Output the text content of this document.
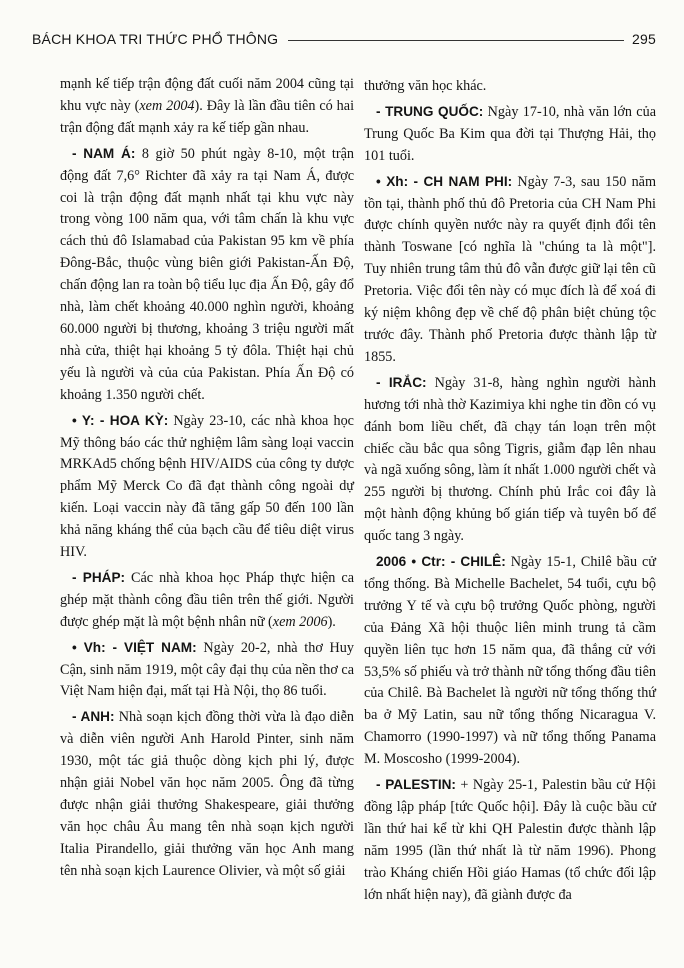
BÁCH KHOA TRI THỨC PHỔ THÔNG	295

mạnh kế tiếp trận động đất cuối năm 2004 cũng tại khu vực này (xem 2004). Đây là lần đầu tiên có hai trận động đất mạnh xảy ra kế tiếp gần nhau.

- NAM Á: 8 giờ 50 phút ngày 8-10, một trận động đất 7,6° Richter đã xảy ra tại Nam Á, được coi là trận động đất mạnh nhất tại khu vực này trong vòng 100 năm qua, với tâm chấn là khu vực cách thủ đô Islamabad của Pakistan 95 km về phía Đông-Bắc, thuộc vùng biên giới Pakistan-Ấn Độ, chấn động lan ra toàn bộ tiểu lục địa Ấn Độ, gây đổ nhà, làm chết khoảng 40.000 nghìn người, khoảng 60.000 người bị thương, khoảng 3 triệu người mất nhà cửa, thiệt hại khoảng 5 tỷ đôla. Thiệt hại chủ yếu là người và của của Pakistan. Phía Ấn Độ có khoảng 1.350 người chết.

• Y: - HOA KỲ: Ngày 23-10, các nhà khoa học Mỹ thông báo các thử nghiệm lâm sàng loại vaccin MRKAd5 chống bệnh HIV/AIDS của công ty dược phẩm Mỹ Merck Co đã đạt thành công ngoài dự kiến. Loại vaccin này đã tăng gấp 50 đến 100 lần khả năng kháng thể của bạch cầu để tiêu diệt virus HIV.

- PHÁP: Các nhà khoa học Pháp thực hiện ca ghép mặt thành công đầu tiên trên thế giới. Người được ghép mặt là một bệnh nhân nữ (xem 2006).

• Vh: - VIỆT NAM: Ngày 20-2, nhà thơ Huy Cận, sinh năm 1919, một cây đại thụ của nền thơ ca Việt Nam hiện đại, mất tại Hà Nội, thọ 86 tuổi.

- ANH: Nhà soạn kịch đồng thời vừa là đạo diễn và diễn viên người Anh Harold Pinter, sinh năm 1930, một tác giả thuộc dòng kịch phi lý, được nhận giải Nobel văn học năm 2005. Ông đã từng được nhận giải thưởng Shakespeare, giải thưởng văn học châu Âu mang tên nhà soạn kịch người Italia Pirandello, giải thưởng văn học Anh mang tên nhà soạn kịch Laurence Olivier, và một số giải

thưởng văn học khác.

- TRUNG QUỐC: Ngày 17-10, nhà văn lớn của Trung Quốc Ba Kim qua đời tại Thượng Hải, thọ 101 tuổi.

• Xh: - CH NAM PHI: Ngày 7-3, sau 150 năm tồn tại, thành phố thủ đô Pretoria của CH Nam Phi được chính quyền nước này ra quyết định đổi tên thành Toswane [có nghĩa là "chúng ta là một"]. Tuy nhiên trung tâm thủ đô vẫn được giữ lại tên cũ Pretoria. Việc đổi tên này có mục đích là để xoá đi ký niệm không đẹp về chế độ phân biệt chủng tộc trước đây. Thành phố Pretoria được thành lập từ 1855.

- IRẮC: Ngày 31-8, hàng nghìn người hành hương tới nhà thờ Kazimiya khi nghe tin đồn có vụ đánh bom liều chết, đã chạy tán loạn trên một chiếc cầu bắc qua sông Tigris, giẫm đạp lên nhau và ngã xuống sông, làm ít nhất 1.000 người chết và 255 người bị thương. Chính phủ Irắc coi đây là một hành động khủng bố gián tiếp và tuyên bố để quốc tang 3 ngày.

2006 • Ctr: - CHILÊ: Ngày 15-1, Chilê bầu cử tổng thống. Bà Michelle Bachelet, 54 tuổi, cựu bộ trưởng Y tế và cựu bộ trưởng Quốc phòng, người của Đảng Xã hội thuộc liên minh trung tả cầm quyền liên tục hơn 15 năm qua, đã thắng cử với 53,5% số phiếu và trở thành nữ tổng thống đầu tiên của Chilê. Bà Bachelet là người nữ tổng thống thứ ba ở Mỹ Latin, sau nữ tổng thống Nicaragua V. Chamorro (1990-1997) và nữ tổng thống Panama M. Moscosho (1999-2004).

- PALESTIN: + Ngày 25-1, Palestin bầu cử Hội đồng lập pháp [tức Quốc hội]. Đây là cuộc bầu cử lần thứ hai kể từ khi QH Palestin được thành lập năm 1995 (lần thứ nhất là từ năm 1996). Phong trào Kháng chiến Hồi giáo Hamas (tổ chức đối lập lớn nhất hiện nay), đã giành được đa
